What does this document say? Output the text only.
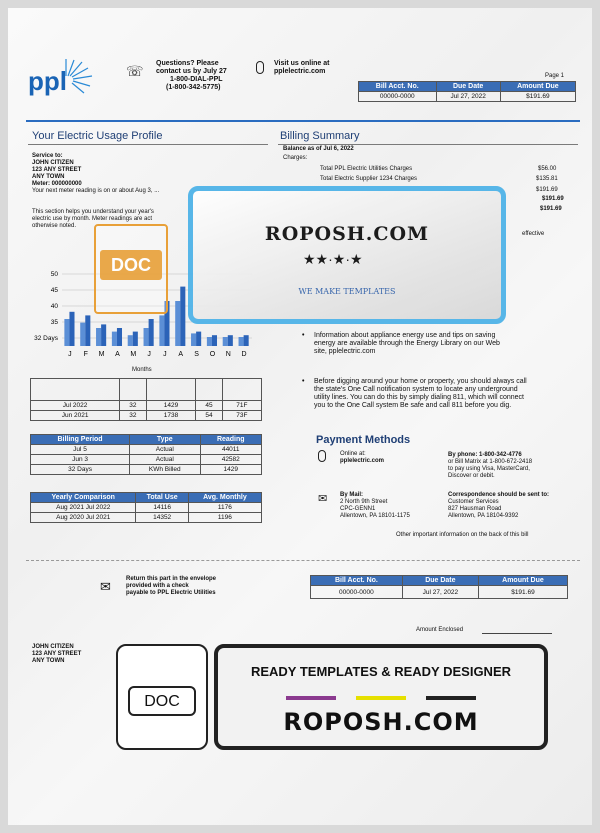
ppl	☏ Questions? Please
contact us by July 27
1-800-DIAL-PPL
(1-800-342-5775)
Visit us online at
pplelectric.com
Page 1
Bill Acct. No.	Due Date	Amount Due
00000-0000	Jul 27, 2022	$191.69
Your Electric Usage Profile
Service to:
JOHN CITIZEN
123 ANY STREET
ANY TOWN
Meter: 000000000
Your next meter reading is on or about Aug 3, ...
This section helps you understand your year's
electric use by month. Meter readings are act
otherwise noted.
50
45
40
35
32 Days
J F M A M J J A S O N D
Months

Jul 2022	32	1429	45	71F
Jun 2021	32	1738	54	73F
Billing Period	Type	Reading
Jul 5	Actual	44011
Jun 3	Actual	42582
32 Days	KWh Billed	1429
Yearly Comparison	Total Use	Avg. Monthly
Aug 2021 Jul 2022	14116	1176
Aug 2020 Jul 2021	14352	1196
Billing Summary
Balance as of Jul 6, 2022
Charges:
Total PPL Electric Utilities Charges	$56.00
Total Electric Supplier 1234 Charges	$135.81
$191.69
$191.69
$191.69
effective
Information about appliance energy use and tips on saving energy are available through the Energy Library on our Web site, pplelectric.com
Before digging around your home or property, you should always call the state's One Call notification system to locate any underground utility lines. You can do this by simply dialing 811, which will connect you to the One Call system Be safe and call 811 before you dig.
Payment Methods
Online at:
pplelectric.com
By phone: 1-800-342-4776
or Bill Matrix at 1-800-672-2418
to pay using Visa, MasterCard,
Discover or debit.
✉ By Mail:
2 North 9th Street
CPC-GENN1
Allentown, PA 18101-1175
Correspondence should be sent to:
Customer Services
827 Hausman Road
Allentown, PA 18104-9392
Other important information on the back of this bill
✉	Return this part in the envelope
provided with a check
payable to PPL Electric Utilities
Bill Acct. No.	Due Date	Amount Due
00000-0000	Jul 27, 2022	$191.69
Amount Enclosed
JOHN CITIZEN
123 ANY STREET
ANY TOWN
ROPOSH.COM
★★·★·★
WE MAKE TEMPLATES
DOC
DOC
READY TEMPLATES & READY DESIGNER
ROPOSH.COM
